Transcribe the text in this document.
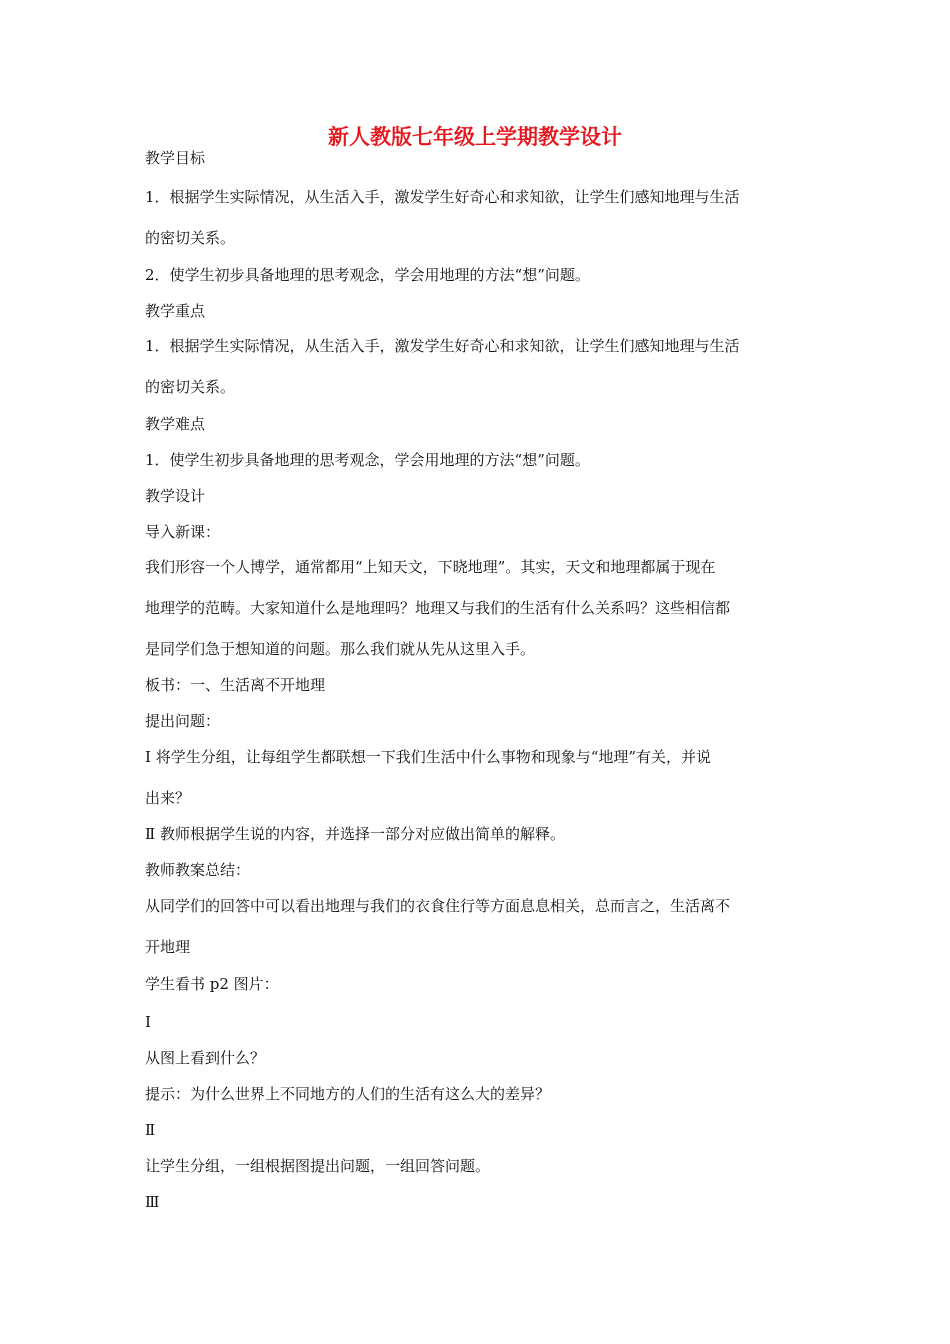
新人教版七年级上学期教学设计
教学目标
1．根据学生实际情况，从生活入手，激发学生好奇心和求知欲，让学生们感知地理与生活
的密切关系。
2．使学生初步具备地理的思考观念，学会用地理的方法“想”问题。
教学重点
1．根据学生实际情况，从生活入手，激发学生好奇心和求知欲，让学生们感知地理与生活
的密切关系。
教学难点
1．使学生初步具备地理的思考观念，学会用地理的方法“想”问题。
教学设计
导入新课：
我们形容一个人博学，通常都用“上知天文，下晓地理”。其实，天文和地理都属于现在
地理学的范畴。大家知道什么是地理吗？地理又与我们的生活有什么关系吗？这些相信都
是同学们急于想知道的问题。那么我们就从先从这里入手。
板书：一、生活离不开地理
提出问题：
Ⅰ 将学生分组，让每组学生都联想一下我们生活中什么事物和现象与“地理”有关，并说
出来？
Ⅱ 教师根据学生说的内容，并选择一部分对应做出简单的解释。
教师教案总结：
从同学们的回答中可以看出地理与我们的衣食住行等方面息息相关，总而言之，生活离不
开地理
学生看书 p2 图片：
Ⅰ
从图上看到什么？
提示：为什么世界上不同地方的人们的生活有这么大的差异？
Ⅱ
让学生分组，一组根据图提出问题，一组回答问题。
Ⅲ
